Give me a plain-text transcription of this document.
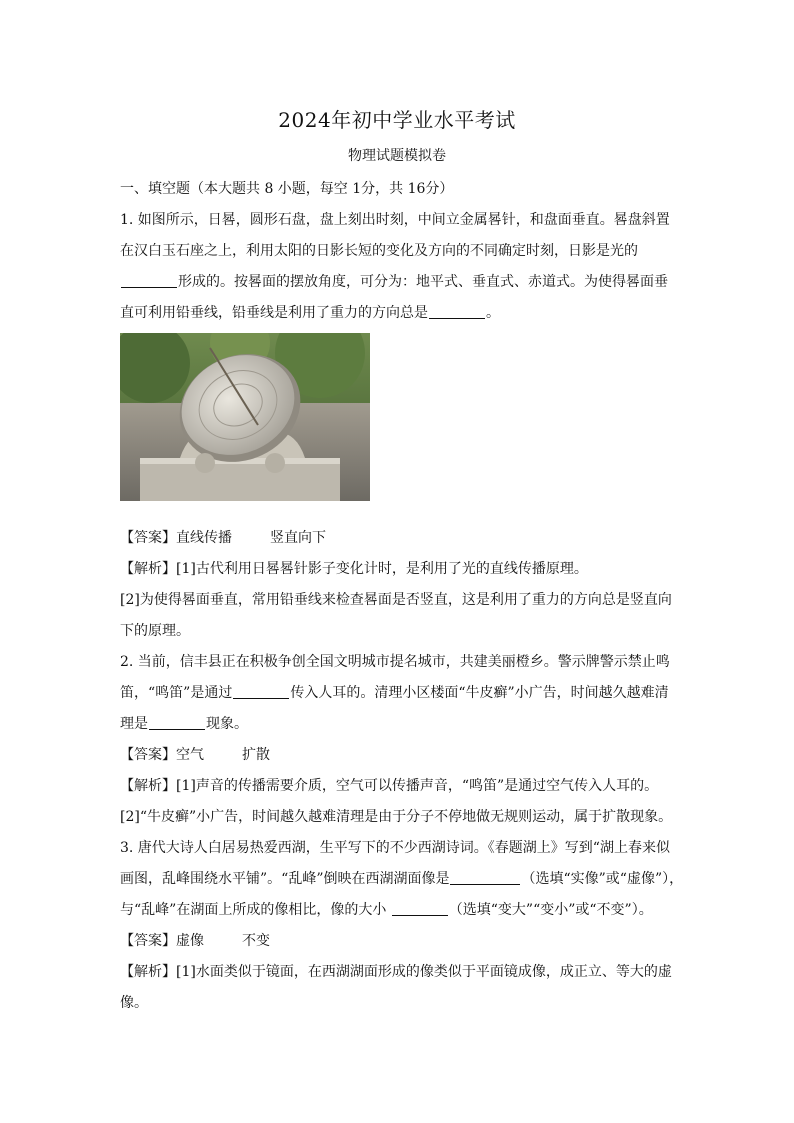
2024年初中学业水平考试
物理试题模拟卷
一、填空题（本大题共 8 小题，每空 1分，共 16分）
1. 如图所示，日晷，圆形石盘，盘上刻出时刻，中间立金属晷针，和盘面垂直。晷盘斜置
在汉白玉石座之上，利用太阳的日影长短的变化及方向的不同确定时刻，日影是光的
形成的。按晷面的摆放角度，可分为：地平式、垂直式、赤道式。为使得晷面垂
直可利用铅垂线，铅垂线是利用了重力的方向总是	。
【答案】直线传播	竖直向下
【解析】[1]古代利用日晷晷针影子变化计时，是利用了光的直线传播原理。
[2]为使得晷面垂直，常用铅垂线来检查晷面是否竖直，这是利用了重力的方向总是竖直向
下的原理。
2. 当前，信丰县正在积极争创全国文明城市提名城市，共建美丽橙乡。警示牌警示禁止鸣
笛，“鸣笛”是通过	传入人耳的。清理小区楼面“牛皮癣”小广告，时间越久越难清
理是	现象。
【答案】空气	扩散
【解析】[1]声音的传播需要介质，空气可以传播声音，“鸣笛”是通过空气传入人耳的。
[2]“牛皮癣”小广告，时间越久越难清理是由于分子不停地做无规则运动，属于扩散现象。
3. 唐代大诗人白居易热爱西湖，生平写下的不少西湖诗词。《春题湖上》写到“湖上春来似
画图，乱峰围绕水平铺”。“乱峰”倒映在西湖湖面像是	（选填“实像”或“虚像”），
与“乱峰”在湖面上所成的像相比，像的大小	（选填“变大”“变小”或“不变”）。
【答案】虚像	不变
【解析】[1]水面类似于镜面，在西湖湖面形成的像类似于平面镜成像，成正立、等大的虚
像。
